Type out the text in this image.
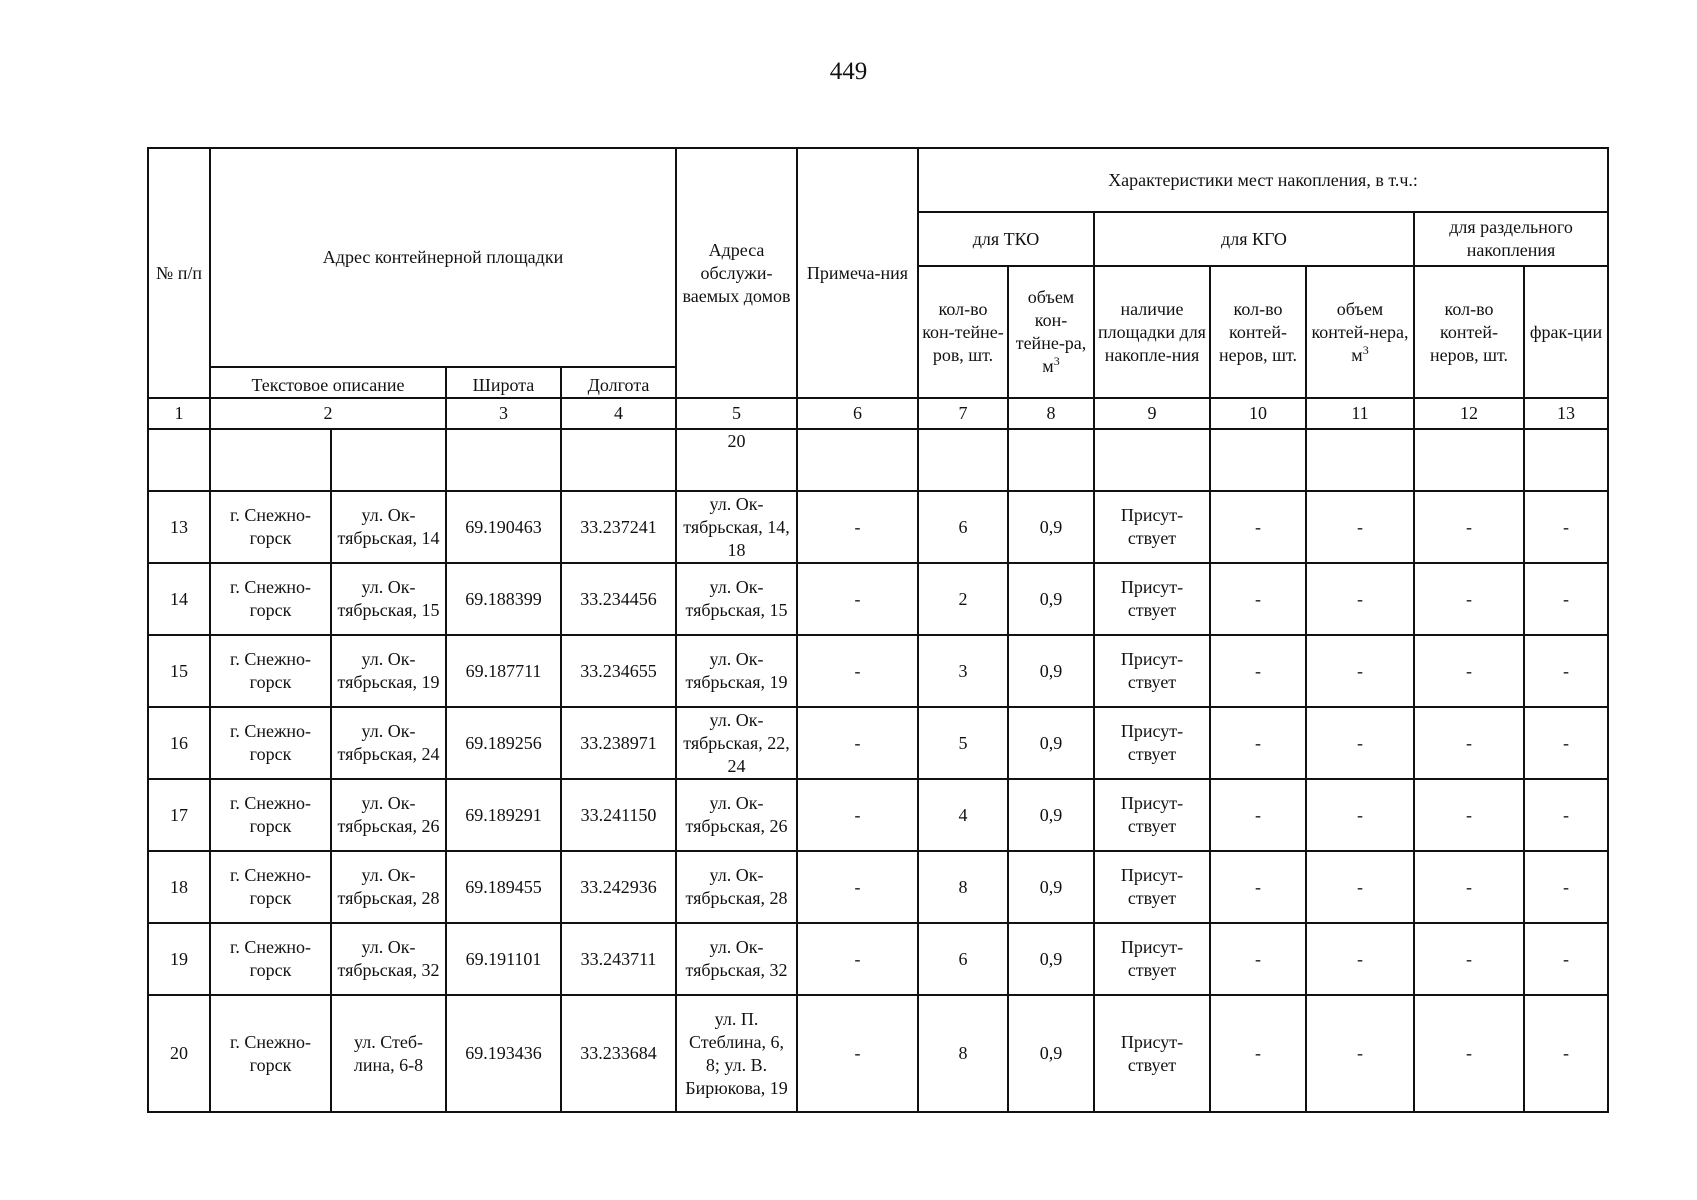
449
№ п/п	Адрес контейнерной площадки				Адреса обслужи-ваемых домов	Примеча-ния	Характеристики мест накопления, в т.ч.:						
							для ТКО		для КГО			для раздельного накопления	
							кол-во кон-тейне-ров, шт.	объем кон-тейне-ра, $м^3$	наличие площадки для накопле-ния	кол-во контей-неров, шт.	объем контей-нера, $м^3$	кол-во контей-неров, шт.	фрак-ции
	Текстовое описание		Широта	Долгота									
1	2		3	4	5	6	7	8	9	10	11	12	13
					20								
13	г. Снежно-горск	ул. Ок-тябрьская, 14	69.190463	33.237241	ул. Ок-тябрьская, 14, 18	-	6	0,9	Присут-ствует	-	-	-	-
14	г. Снежно-горск	ул. Ок-тябрьская, 15	69.188399	33.234456	ул. Ок-тябрьская, 15	-	2	0,9	Присут-ствует	-	-	-	-
15	г. Снежно-горск	ул. Ок-тябрьская, 19	69.187711	33.234655	ул. Ок-тябрьская, 19	-	3	0,9	Присут-ствует	-	-	-	-
16	г. Снежно-горск	ул. Ок-тябрьская, 24	69.189256	33.238971	ул. Ок-тябрьская, 22, 24	-	5	0,9	Присут-ствует	-	-	-	-
17	г. Снежно-горск	ул. Ок-тябрьская, 26	69.189291	33.241150	ул. Ок-тябрьская, 26	-	4	0,9	Присут-ствует	-	-	-	-
18	г. Снежно-горск	ул. Ок-тябрьская, 28	69.189455	33.242936	ул. Ок-тябрьская, 28	-	8	0,9	Присут-ствует	-	-	-	-
19	г. Снежно-горск	ул. Ок-тябрьская, 32	69.191101	33.243711	ул. Ок-тябрьская, 32	-	6	0,9	Присут-ствует	-	-	-	-
20	г. Снежно-горск	ул. Стеб-лина, 6-8	69.193436	33.233684	ул. П. Стеблина, 6, 8; ул. В. Бирюкова, 19	-	8	0,9	Присут-ствует	-	-	-	-
